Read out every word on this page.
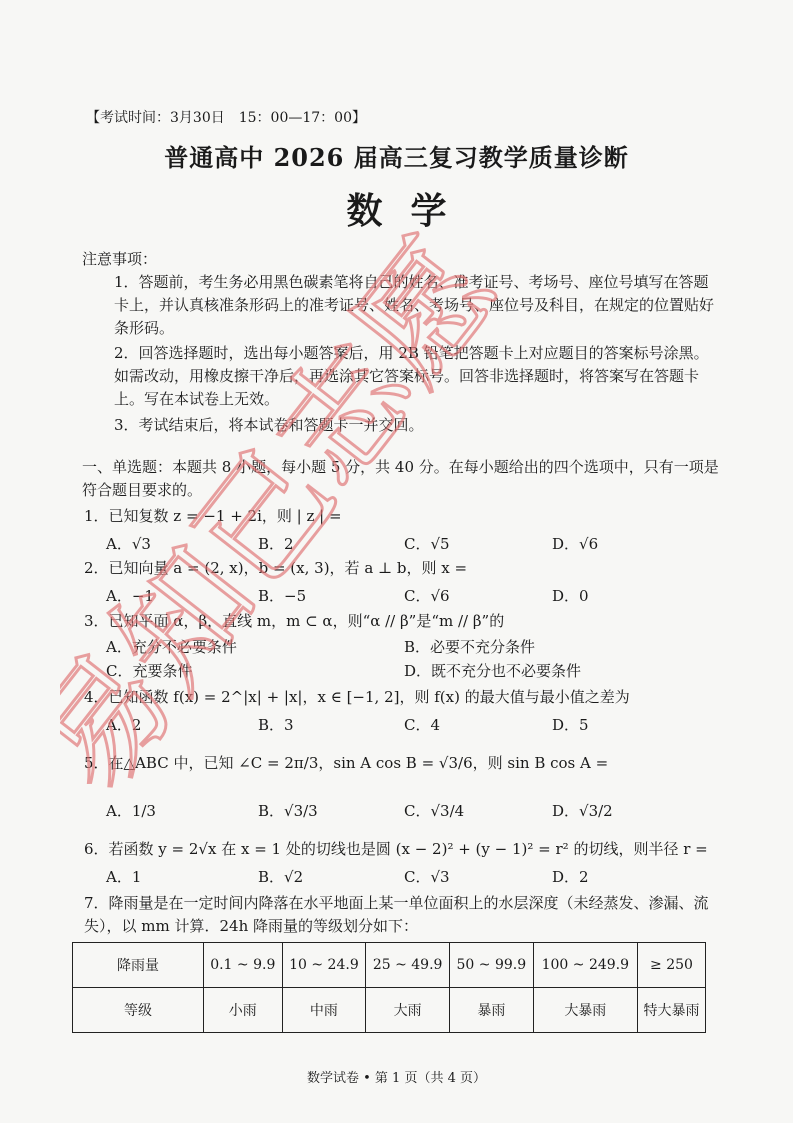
【考试时间：3月30日　15：00—17：00】
普通高中 2026 届高三复习教学质量诊断
数学
注意事项：
1．答题前，考生务必用黑色碳素笔将自己的姓名、准考证号、考场号、座位号填写在答题卡上，并认真核准条形码上的准考证号、姓名、考场号、座位号及科目，在规定的位置贴好条形码。
2．回答选择题时，选出每小题答案后，用 2B 铅笔把答题卡上对应题目的答案标号涂黑。如需改动，用橡皮擦干净后，再选涂其它答案标号。回答非选择题时，将答案写在答题卡上。写在本试卷上无效。
3．考试结束后，将本试卷和答题卡一并交回。
一、单选题：本题共 8 小题，每小题 5 分，共 40 分。在每小题给出的四个选项中，只有一项是符合题目要求的。
1．已知复数 z = −1 + 2i，则 | z | =
A．√3	B．2	C．√5	D．√6
2．已知向量 a = (2, x)，b = (x, 3)，若 a ⊥ b，则 x =
A．−1	B．−5	C．√6	D．0
3．已知平面 α，β，直线 m，m ⊂ α，则“α // β”是“m // β”的
A．充分不必要条件	B．必要不充分条件
C．充要条件	D．既不充分也不必要条件
4．已知函数 f(x) = 2^|x| + |x|，x ∈ [−1, 2]，则 f(x) 的最大值与最小值之差为
A．2	B．3	C．4	D．5
5．在△ABC 中，已知 ∠C = 2π/3，sin A cos B = √3/6，则 sin B cos A =
A．1/3	B．√3/3	C．√3/4	D．√3/2
6．若函数 y = 2√x 在 x = 1 处的切线也是圆 (x − 2)² + (y − 1)² = r² 的切线，则半径 r =
A．1	B．√2	C．√3	D．2
7．降雨量是在一定时间内降落在水平地面上某一单位面积上的水层深度（未经蒸发、渗漏、流失），以 mm 计算．24h 降雨量的等级划分如下：
降雨量	0.1 ~ 9.9	10 ~ 24.9	25 ~ 49.9	50 ~ 99.9	100 ~ 249.9	≥ 250
等级	小雨	中雨	大雨	暴雨	大暴雨	特大暴雨
数学试卷 • 第 1 页（共 4 页）
易知已志愿
